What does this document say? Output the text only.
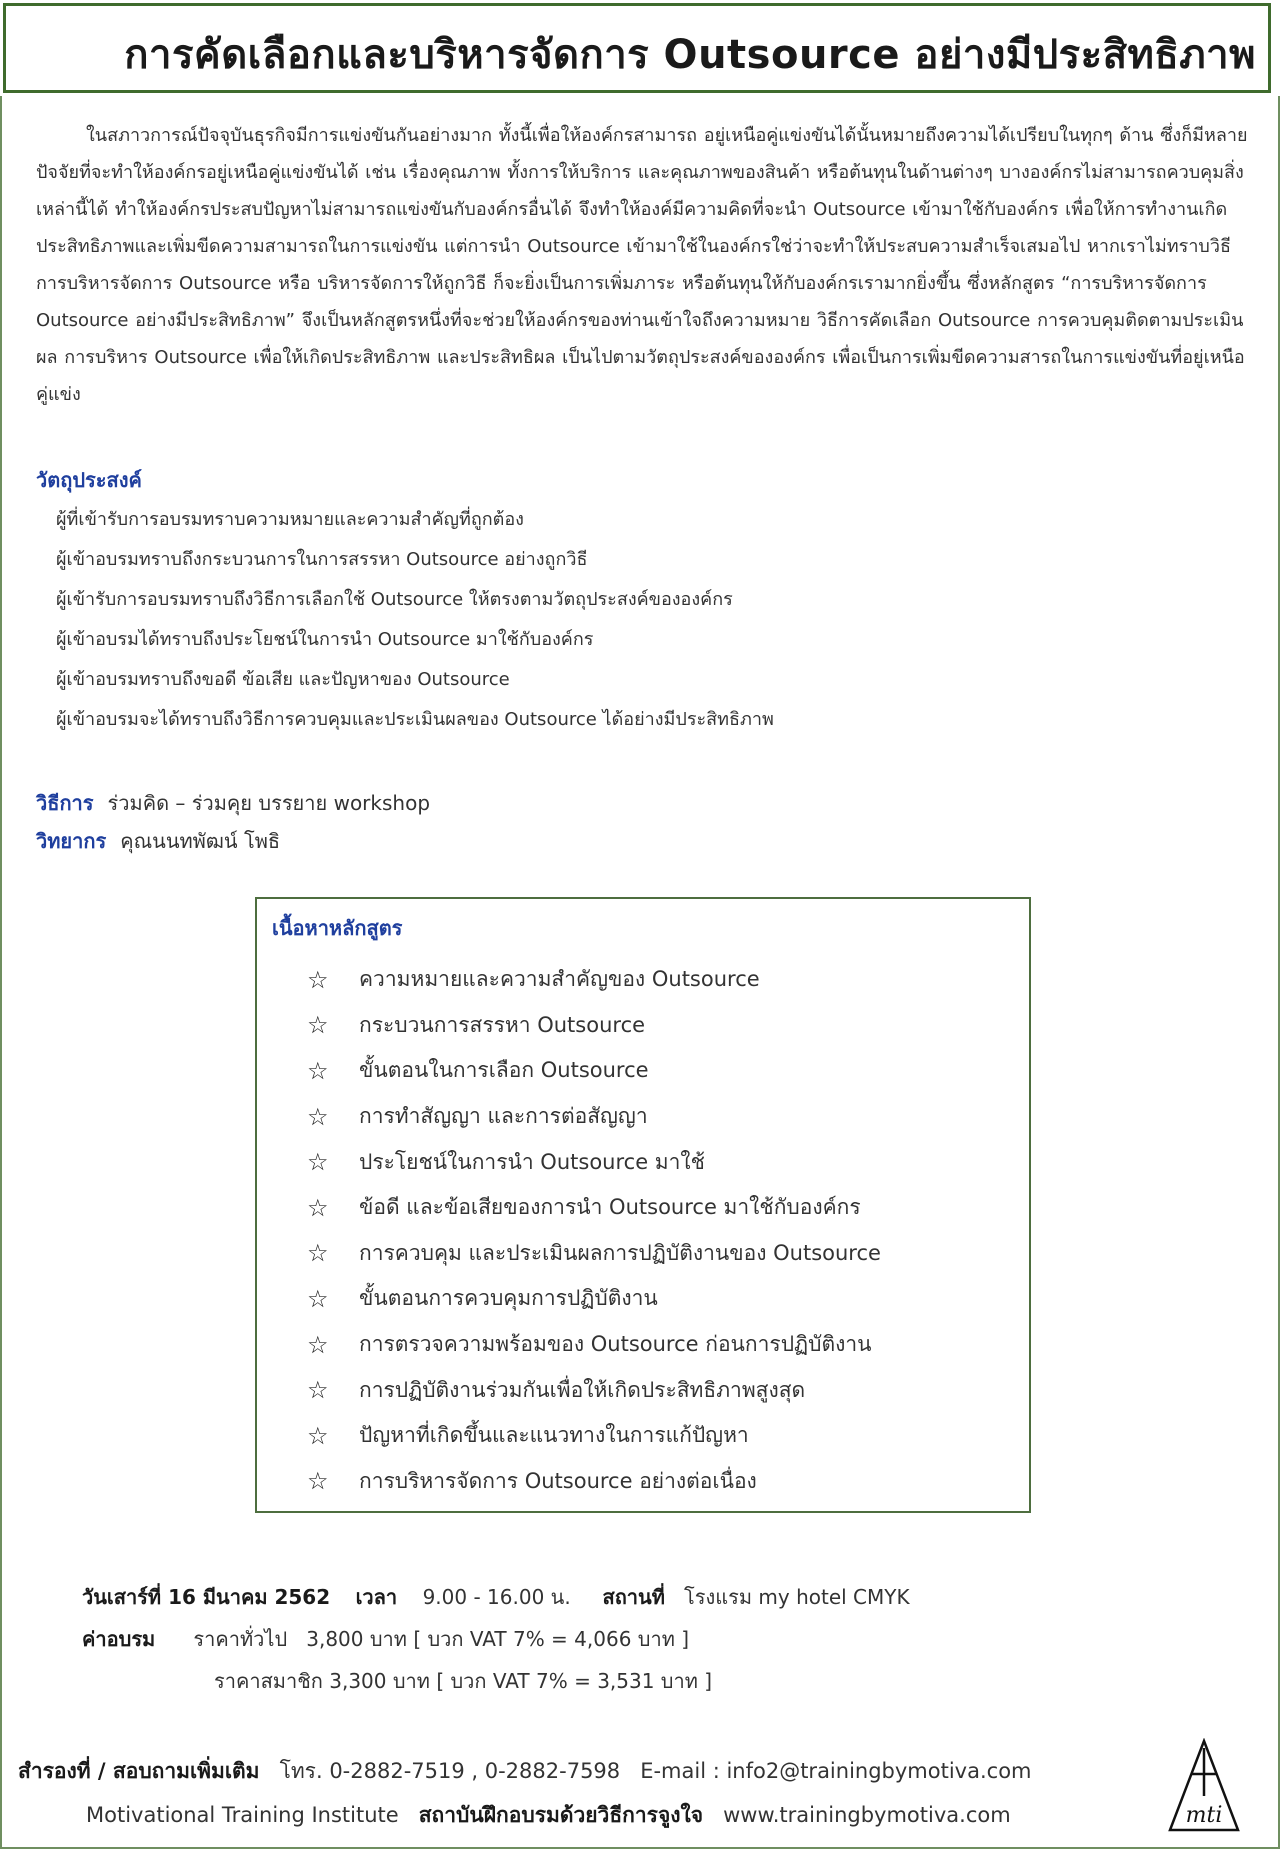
การคัดเลือกและบริหารจัดการ Outsource อย่างมีประสิทธิภาพ

ในสภาวการณ์ปัจจุบันธุรกิจมีการแข่งขันกันอย่างมาก ทั้งนี้เพื่อให้องค์กรสามารถ อยู่เหนือคู่แข่งขันได้นั้นหมายถึงความได้เปรียบในทุกๆ ด้าน ซึ่งก็มีหลายปัจจัยที่จะทำให้องค์กรอยู่เหนือคู่แข่งขันได้ เช่น เรื่องคุณภาพ ทั้งการให้บริการ และคุณภาพของสินค้า หรือต้นทุนในด้านต่างๆ บางองค์กรไม่สามารถควบคุมสิ่งเหล่านี้ได้ ทำให้องค์กรประสบปัญหาไม่สามารถแข่งขันกับองค์กรอื่นได้ จึงทำให้องค์มีความคิดที่จะนำ Outsource เข้ามาใช้กับองค์กร เพื่อให้การทำงานเกิดประสิทธิภาพและเพิ่มขีดความสามารถในการแข่งขัน แต่การนำ Outsource เข้ามาใช้ในองค์กรใช่ว่าจะทำให้ประสบความสำเร็จเสมอไป หากเราไม่ทราบวิธีการบริหารจัดการ Outsource หรือ บริหารจัดการให้ถูกวิธี ก็จะยิ่งเป็นการเพิ่มภาระ หรือต้นทุนให้กับองค์กรเรามากยิ่งขึ้น ซึ่งหลักสูตร “การบริหารจัดการ Outsource อย่างมีประสิทธิภาพ” จึงเป็นหลักสูตรหนึ่งที่จะช่วยให้องค์กรของท่านเข้าใจถึงความหมาย วิธีการคัดเลือก Outsource การควบคุมติดตามประเมินผล การบริหาร Outsource เพื่อให้เกิดประสิทธิภาพ และประสิทธิผล เป็นไปตามวัตถุประสงค์ขององค์กร เพื่อเป็นการเพิ่มขีดความสารถในการแข่งขันที่อยู่เหนือคู่แข่ง

วัตถุประสงค์
ผู้ที่เข้ารับการอบรมทราบความหมายและความสำคัญที่ถูกต้อง
ผู้เข้าอบรมทราบถึงกระบวนการในการสรรหา Outsource อย่างถูกวิธี
ผู้เข้ารับการอบรมทราบถึงวิธีการเลือกใช้ Outsource ให้ตรงตามวัตถุประสงค์ขององค์กร
ผู้เข้าอบรมได้ทราบถึงประโยชน์ในการนำ Outsource มาใช้กับองค์กร
ผู้เข้าอบรมทราบถึงขอดี ข้อเสีย และปัญหาของ Outsource
ผู้เข้าอบรมจะได้ทราบถึงวิธีการควบคุมและประเมินผลของ Outsource ได้อย่างมีประสิทธิภาพ
วิธีการ ร่วมคิด – ร่วมคุย บรรยาย workshop
วิทยากร คุณนนทพัฒน์ โพธิ
เนื้อหาหลักสูตร
☆	ความหมายและความสำคัญของ Outsource
☆	กระบวนการสรรหา Outsource
☆	ขั้นตอนในการเลือก Outsource
☆	การทำสัญญา และการต่อสัญญา
☆	ประโยชน์ในการนำ Outsource มาใช้
☆	ข้อดี และข้อเสียของการนำ Outsource มาใช้กับองค์กร
☆	การควบคุม และประเมินผลการปฏิบัติงานของ Outsource
☆	ขั้นตอนการควบคุมการปฏิบัติงาน
☆	การตรวจความพร้อมของ Outsource ก่อนการปฏิบัติงาน
☆	การปฏิบัติงานร่วมกันเพื่อให้เกิดประสิทธิภาพสูงสุด
☆	ปัญหาที่เกิดขึ้นและแนวทางในการแก้ปัญหา
☆	การบริหารจัดการ Outsource อย่างต่อเนื่อง
วันเสาร์ที่ 16 มีนาคม 2562 เวลา 9.00 - 16.00 น. สถานที่ โรงแรม my hotel CMYK
ค่าอบรม ราคาทั่วไป 3,800 บาท [ บวก VAT 7% = 4,066 บาท ]
ราคาสมาชิก 3,300 บาท [ บวก VAT 7% = 3,531 บาท ]
สำรองที่ / สอบถามเพิ่มเติม โทร. 0-2882-7519 , 0-2882-7598 E-mail : info2@trainingbymotiva.com
Motivational Training Institute สถาบันฝึกอบรมด้วยวิธีการจูงใจ www.trainingbymotiva.com	mti
